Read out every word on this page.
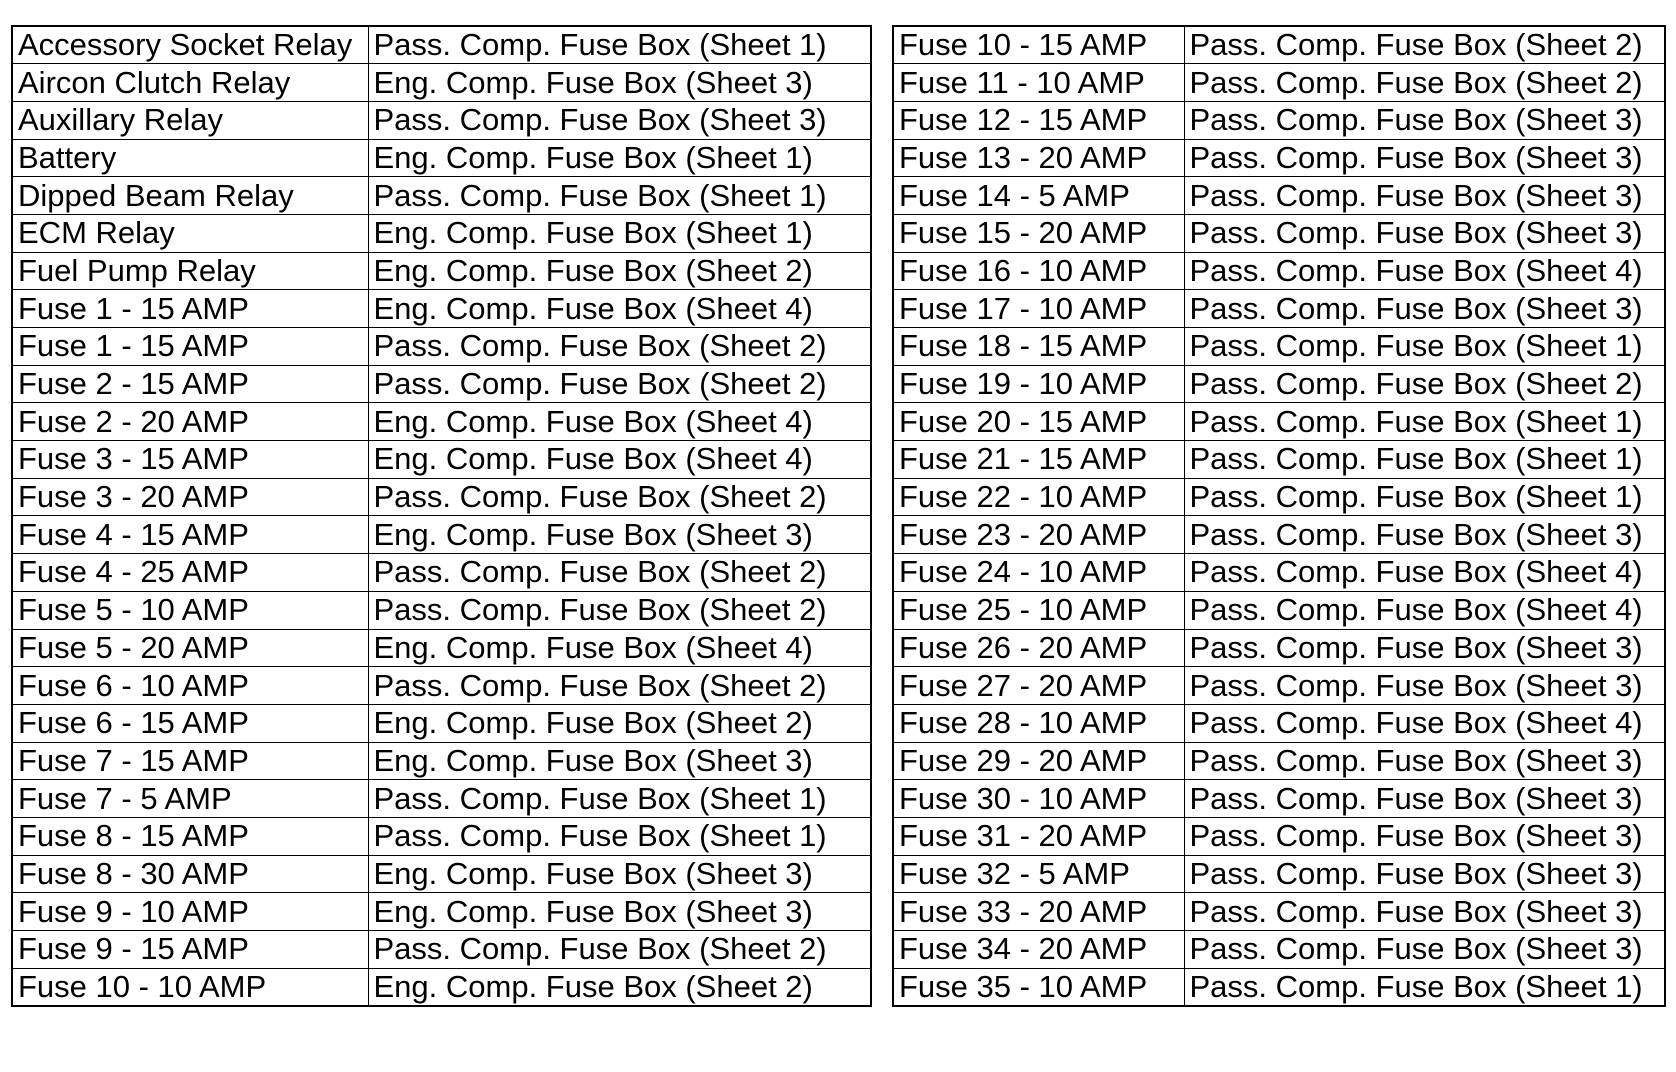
Accessory Socket Relay	Pass. Comp. Fuse Box (Sheet 1)
Aircon Clutch Relay	Eng. Comp. Fuse Box (Sheet 3)
Auxillary Relay	Pass. Comp. Fuse Box (Sheet 3)
Battery	Eng. Comp. Fuse Box (Sheet 1)
Dipped Beam Relay	Pass. Comp. Fuse Box (Sheet 1)
ECM Relay	Eng. Comp. Fuse Box (Sheet 1)
Fuel Pump Relay	Eng. Comp. Fuse Box (Sheet 2)
Fuse 1 - 15 AMP	Eng. Comp. Fuse Box (Sheet 4)
Fuse 1 - 15 AMP	Pass. Comp. Fuse Box (Sheet 2)
Fuse 2 - 15 AMP	Pass. Comp. Fuse Box (Sheet 2)
Fuse 2 - 20 AMP	Eng. Comp. Fuse Box (Sheet 4)
Fuse 3 - 15 AMP	Eng. Comp. Fuse Box (Sheet 4)
Fuse 3 - 20 AMP	Pass. Comp. Fuse Box (Sheet 2)
Fuse 4 - 15 AMP	Eng. Comp. Fuse Box (Sheet 3)
Fuse 4 - 25 AMP	Pass. Comp. Fuse Box (Sheet 2)
Fuse 5 - 10 AMP	Pass. Comp. Fuse Box (Sheet 2)
Fuse 5 - 20 AMP	Eng. Comp. Fuse Box (Sheet 4)
Fuse 6 - 10 AMP	Pass. Comp. Fuse Box (Sheet 2)
Fuse 6 - 15 AMP	Eng. Comp. Fuse Box (Sheet 2)
Fuse 7 - 15 AMP	Eng. Comp. Fuse Box (Sheet 3)
Fuse 7 - 5 AMP	Pass. Comp. Fuse Box (Sheet 1)
Fuse 8 - 15 AMP	Pass. Comp. Fuse Box (Sheet 1)
Fuse 8 - 30 AMP	Eng. Comp. Fuse Box (Sheet 3)
Fuse 9 - 10 AMP	Eng. Comp. Fuse Box (Sheet 3)
Fuse 9 - 15 AMP	Pass. Comp. Fuse Box (Sheet 2)
Fuse 10 - 10 AMP	Eng. Comp. Fuse Box (Sheet 2)
Fuse 10 - 15 AMP	Pass. Comp. Fuse Box (Sheet 2)
Fuse 11 - 10 AMP	Pass. Comp. Fuse Box (Sheet 2)
Fuse 12 - 15 AMP	Pass. Comp. Fuse Box (Sheet 3)
Fuse 13 - 20 AMP	Pass. Comp. Fuse Box (Sheet 3)
Fuse 14 - 5 AMP	Pass. Comp. Fuse Box (Sheet 3)
Fuse 15 - 20 AMP	Pass. Comp. Fuse Box (Sheet 3)
Fuse 16 - 10 AMP	Pass. Comp. Fuse Box (Sheet 4)
Fuse 17 - 10 AMP	Pass. Comp. Fuse Box (Sheet 3)
Fuse 18 - 15 AMP	Pass. Comp. Fuse Box (Sheet 1)
Fuse 19 - 10 AMP	Pass. Comp. Fuse Box (Sheet 2)
Fuse 20 - 15 AMP	Pass. Comp. Fuse Box (Sheet 1)
Fuse 21 - 15 AMP	Pass. Comp. Fuse Box (Sheet 1)
Fuse 22 - 10 AMP	Pass. Comp. Fuse Box (Sheet 1)
Fuse 23 - 20 AMP	Pass. Comp. Fuse Box (Sheet 3)
Fuse 24 - 10 AMP	Pass. Comp. Fuse Box (Sheet 4)
Fuse 25 - 10 AMP	Pass. Comp. Fuse Box (Sheet 4)
Fuse 26 - 20 AMP	Pass. Comp. Fuse Box (Sheet 3)
Fuse 27 - 20 AMP	Pass. Comp. Fuse Box (Sheet 3)
Fuse 28 - 10 AMP	Pass. Comp. Fuse Box (Sheet 4)
Fuse 29 - 20 AMP	Pass. Comp. Fuse Box (Sheet 3)
Fuse 30 - 10 AMP	Pass. Comp. Fuse Box (Sheet 3)
Fuse 31 - 20 AMP	Pass. Comp. Fuse Box (Sheet 3)
Fuse 32 - 5 AMP	Pass. Comp. Fuse Box (Sheet 3)
Fuse 33 - 20 AMP	Pass. Comp. Fuse Box (Sheet 3)
Fuse 34 - 20 AMP	Pass. Comp. Fuse Box (Sheet 3)
Fuse 35 - 10 AMP	Pass. Comp. Fuse Box (Sheet 1)
